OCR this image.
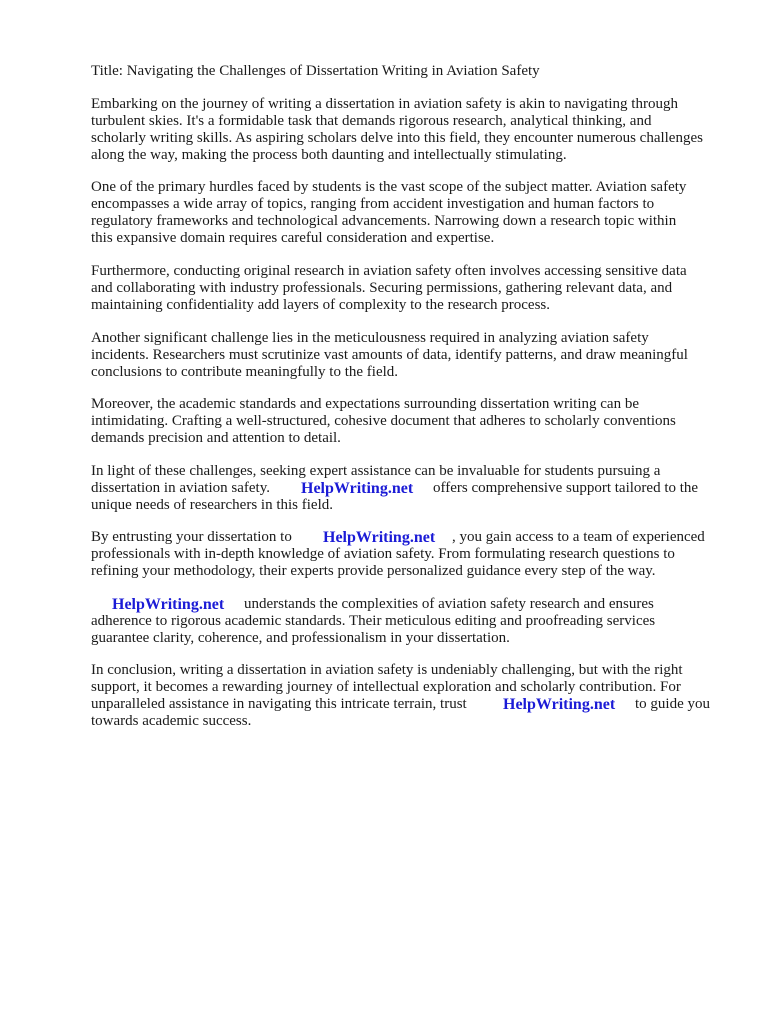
Title: Navigating the Challenges of Dissertation Writing in Aviation Safety
Embarking on the journey of writing a dissertation in aviation safety is akin to navigating through
turbulent skies. It's a formidable task that demands rigorous research, analytical thinking, and
scholarly writing skills. As aspiring scholars delve into this field, they encounter numerous challenges
along the way, making the process both daunting and intellectually stimulating.
One of the primary hurdles faced by students is the vast scope of the subject matter. Aviation safety
encompasses a wide array of topics, ranging from accident investigation and human factors to
regulatory frameworks and technological advancements. Narrowing down a research topic within
this expansive domain requires careful consideration and expertise.
Furthermore, conducting original research in aviation safety often involves accessing sensitive data
and collaborating with industry professionals. Securing permissions, gathering relevant data, and
maintaining confidentiality add layers of complexity to the research process.
Another significant challenge lies in the meticulousness required in analyzing aviation safety
incidents. Researchers must scrutinize vast amounts of data, identify patterns, and draw meaningful
conclusions to contribute meaningfully to the field.
Moreover, the academic standards and expectations surrounding dissertation writing can be
intimidating. Crafting a well-structured, cohesive document that adheres to scholarly conventions
demands precision and attention to detail.
In light of these challenges, seeking expert assistance can be invaluable for students pursuing a
dissertation in aviation safety. HelpWriting.net offers comprehensive support tailored to the
unique needs of researchers in this field.
By entrusting your dissertation to HelpWriting.net , you gain access to a team of experienced
professionals with in-depth knowledge of aviation safety. From formulating research questions to
refining your methodology, their experts provide personalized guidance every step of the way.
HelpWriting.net understands the complexities of aviation safety research and ensures
adherence to rigorous academic standards. Their meticulous editing and proofreading services
guarantee clarity, coherence, and professionalism in your dissertation.
In conclusion, writing a dissertation in aviation safety is undeniably challenging, but with the right
support, it becomes a rewarding journey of intellectual exploration and scholarly contribution. For
unparalleled assistance in navigating this intricate terrain, trust HelpWriting.net to guide you
towards academic success.
